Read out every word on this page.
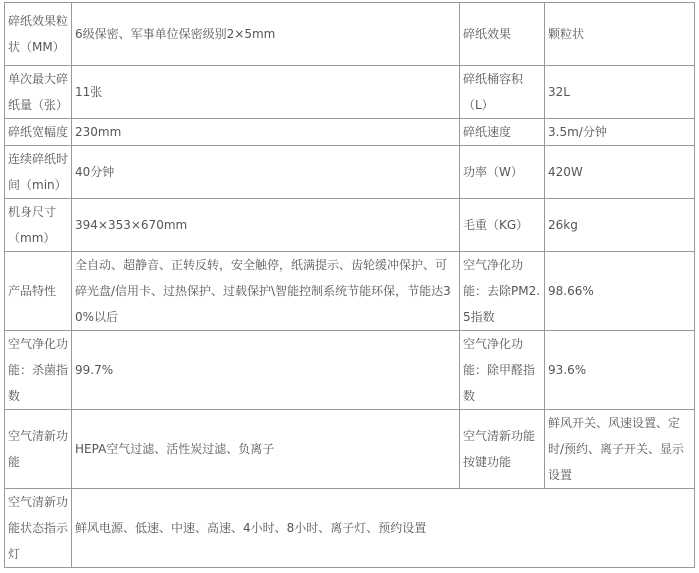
碎纸效果粒状（MM）	6级保密、军事单位保密级别2×5mm	碎纸效果	颗粒状
单次最大碎纸量（张）	11张	碎纸桶容积（L）	32L
碎纸宽幅度	230mm	碎纸速度	3.5m/分钟
连续碎纸时间（min）	40分钟	功率（W）	420W
机身尺寸（mm）	394×353×670mm	毛重（KG）	26kg
产品特性	全自动、超静音、正转反转，安全触停，纸满提示、齿轮缓冲保护、可碎光盘/信用卡、过热保护、过载保护\智能控制系统节能环保，节能达30%以后	空气净化功能：去除PM2.5指数	98.66%
空气净化功能：杀菌指数	99.7%	空气净化功能：除甲醛指数	93.6%
空气清新功能	HEPA空气过滤、活性炭过滤、负离子	空气清新功能按键功能	鲜风开关、风速设置、定时/预约、离子开关、显示设置
空气清新功能状态指示灯	鲜风电源、低速、中速、高速、4小时、8小时、离子灯、预约设置		
